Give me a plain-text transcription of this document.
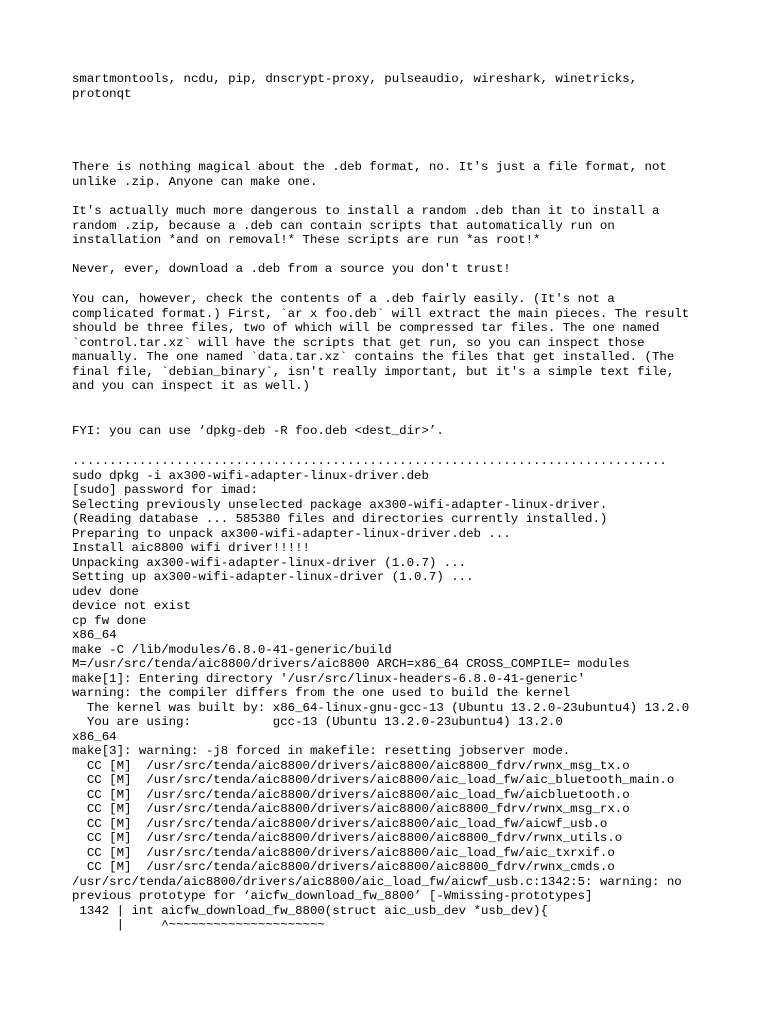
smartmontools, ncdu, pip, dnscrypt-proxy, pulseaudio, wireshark, winetricks,
protonqt

There is nothing magical about the .deb format, no. It's just a file format, not
unlike .zip. Anyone can make one.

It's actually much more dangerous to install a random .deb than it to install a
random .zip, because a .deb can contain scripts that automatically run on
installation *and on removal!* These scripts are run *as root!*

Never, ever, download a .deb from a source you don't trust!

You can, however, check the contents of a .deb fairly easily. (It's not a
complicated format.) First, `ar x foo.deb` will extract the main pieces. The result
should be three files, two of which will be compressed tar files. The one named
`control.tar.xz` will have the scripts that get run, so you can inspect those
manually. The one named `data.tar.xz` contains the files that get installed. (The
final file, `debian_binary`, isn't really important, but it's a simple text file,
and you can inspect it as well.)

FYI: you can use ‘dpkg-deb -R foo.deb <dest_dir>’.

................................................................................
sudo dpkg -i ax300-wifi-adapter-linux-driver.deb
[sudo] password for imad:
Selecting previously unselected package ax300-wifi-adapter-linux-driver.
(Reading database ... 585380 files and directories currently installed.)
Preparing to unpack ax300-wifi-adapter-linux-driver.deb ...
Install aic8800 wifi driver!!!!!
Unpacking ax300-wifi-adapter-linux-driver (1.0.7) ...
Setting up ax300-wifi-adapter-linux-driver (1.0.7) ...
udev done
device not exist
cp fw done
x86_64
make -C /lib/modules/6.8.0-41-generic/build
M=/usr/src/tenda/aic8800/drivers/aic8800 ARCH=x86_64 CROSS_COMPILE= modules
make[1]: Entering directory '/usr/src/linux-headers-6.8.0-41-generic'
warning: the compiler differs from the one used to build the kernel
The kernel was built by: x86_64-linux-gnu-gcc-13 (Ubuntu 13.2.0-23ubuntu4) 13.2.0
You are using:           gcc-13 (Ubuntu 13.2.0-23ubuntu4) 13.2.0
x86_64
make[3]: warning: -j8 forced in makefile: resetting jobserver mode.
CC [M]  /usr/src/tenda/aic8800/drivers/aic8800/aic8800_fdrv/rwnx_msg_tx.o
CC [M]  /usr/src/tenda/aic8800/drivers/aic8800/aic_load_fw/aic_bluetooth_main.o
CC [M]  /usr/src/tenda/aic8800/drivers/aic8800/aic_load_fw/aicbluetooth.o
CC [M]  /usr/src/tenda/aic8800/drivers/aic8800/aic8800_fdrv/rwnx_msg_rx.o
CC [M]  /usr/src/tenda/aic8800/drivers/aic8800/aic_load_fw/aicwf_usb.o
CC [M]  /usr/src/tenda/aic8800/drivers/aic8800/aic8800_fdrv/rwnx_utils.o
CC [M]  /usr/src/tenda/aic8800/drivers/aic8800/aic_load_fw/aic_txrxif.o
CC [M]  /usr/src/tenda/aic8800/drivers/aic8800/aic8800_fdrv/rwnx_cmds.o
/usr/src/tenda/aic8800/drivers/aic8800/aic_load_fw/aicwf_usb.c:1342:5: warning: no
previous prototype for ‘aicfw_download_fw_8800’ [-Wmissing-prototypes]
1342 | int aicfw_download_fw_8800(struct aic_usb_dev *usb_dev){
|     ^~~~~~~~~~~~~~~~~~~~~~
